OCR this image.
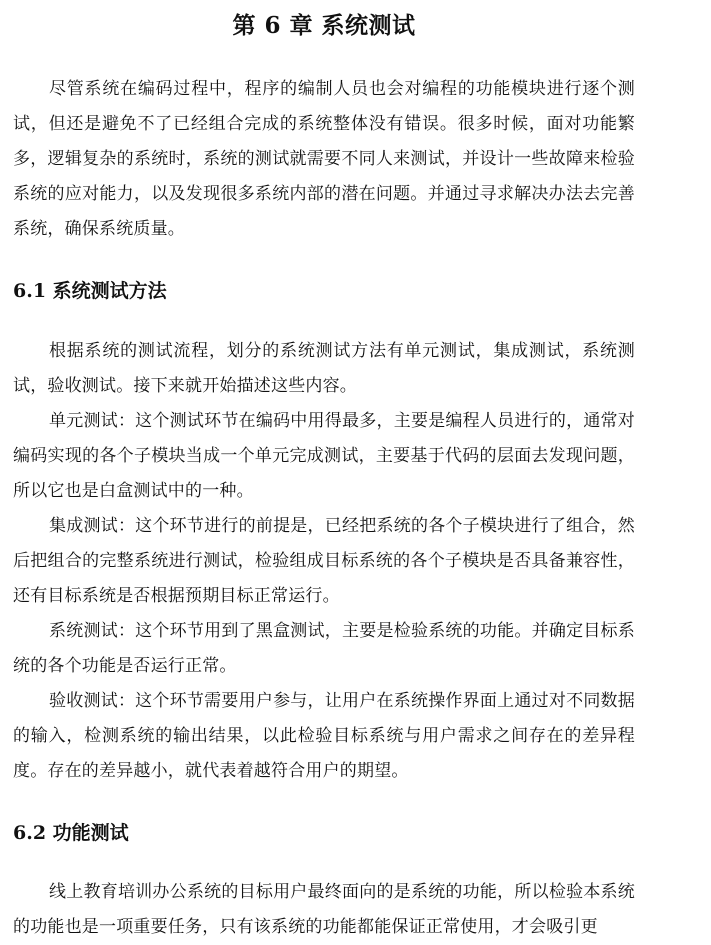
第 6 章 系统测试

尽管系统在编码过程中，程序的编制人员也会对编程的功能模块进行逐个测试，但还是避免不了已经组合完成的系统整体没有错误。很多时候，面对功能繁多，逻辑复杂的系统时，系统的测试就需要不同人来测试，并设计一些故障来检验系统的应对能力，以及发现很多系统内部的潜在问题。并通过寻求解决办法去完善系统，确保系统质量。

6.1 系统测试方法

根据系统的测试流程，划分的系统测试方法有单元测试，集成测试，系统测试，验收测试。接下来就开始描述这些内容。

单元测试：这个测试环节在编码中用得最多，主要是编程人员进行的，通常对编码实现的各个子模块当成一个单元完成测试，主要基于代码的层面去发现问题，所以它也是白盒测试中的一种。

集成测试：这个环节进行的前提是，已经把系统的各个子模块进行了组合，然后把组合的完整系统进行测试，检验组成目标系统的各个子模块是否具备兼容性，还有目标系统是否根据预期目标正常运行。

系统测试：这个环节用到了黑盒测试，主要是检验系统的功能。并确定目标系统的各个功能是否运行正常。

验收测试：这个环节需要用户参与，让用户在系统操作界面上通过对不同数据的输入，检测系统的输出结果，以此检验目标系统与用户需求之间存在的差异程度。存在的差异越小，就代表着越符合用户的期望。

6.2 功能测试

线上教育培训办公系统的目标用户最终面向的是系统的功能，所以检验本系统的功能也是一项重要任务，只有该系统的功能都能保证正常使用，才会吸引更
